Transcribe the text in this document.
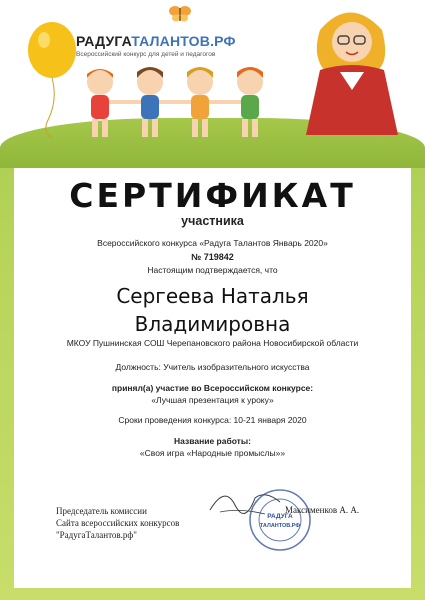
РАДУГАТАЛАНТОВ.РФ
Всероссийский конкурс для детей и педагогов
СЕРТИФИКАТ
участника
Всероссийского конкурса «Радуга Талантов Январь 2020»
№ 719842
Настоящим подтверждается, что
Сергеева Наталья
Владимировна
МКОУ Пушнинская СОШ Черепановского района Новосибирской области
Должность: Учитель изобразительного искусства
принял(а) участие во Всероссийском конкурсе:
«Лучшая презентация к уроку»
Сроки проведения конкурса: 10-21 января 2020
Название работы:
«Своя игра «Народные промыслы»»
РАДУГА
ТАЛАНТОВ.РФ
Председатель комиссии
Сайта всероссийских конкурсов
"РадугаТалантов.рф"
Максименков А. А.
